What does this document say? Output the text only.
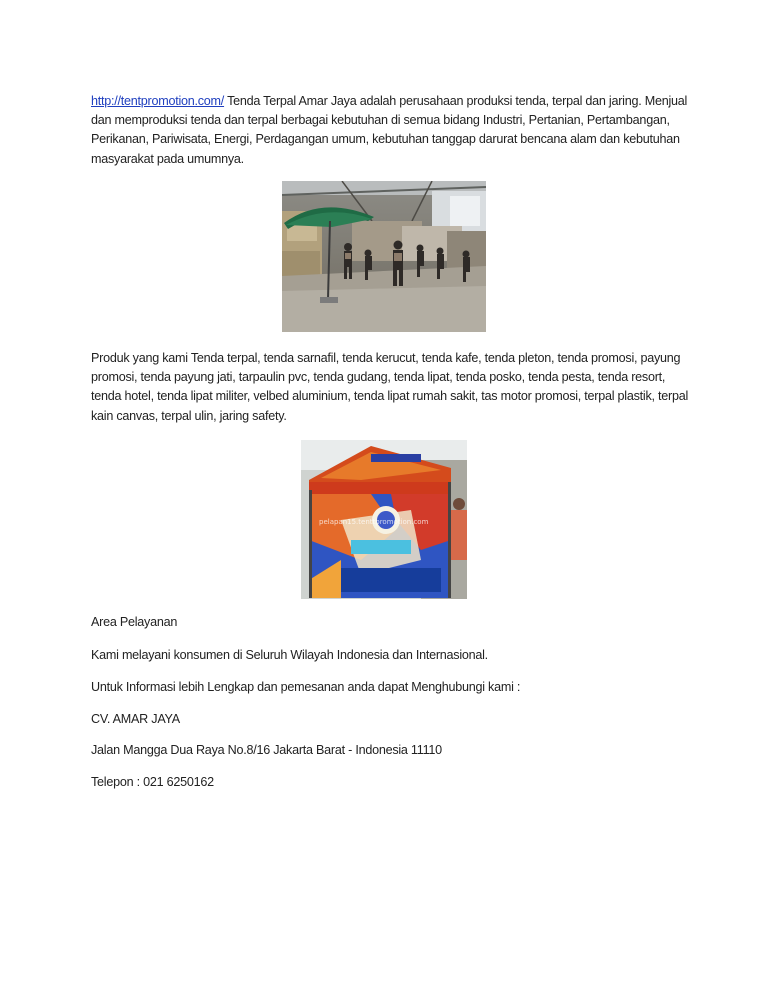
http://tentpromotion.com/ Tenda Terpal Amar Jaya adalah perusahaan produksi tenda, terpal dan jaring. Menjual dan memproduksi tenda dan terpal berbagai kebutuhan di semua bidang Industri, Pertanian, Pertambangan, Perikanan, Pariwisata, Energi, Perdagangan umum, kebutuhan tanggap darurat bencana alam dan kebutuhan masyarakat pada umumnya.

Produk yang kami Tenda terpal, tenda sarnafil, tenda kerucut, tenda kafe, tenda pleton, tenda promosi, payung promosi, tenda payung jati, tarpaulin pvc, tenda gudang, tenda lipat, tenda posko, tenda pesta, tenda resort, tenda hotel, tenda lipat militer, velbed aluminium, tenda lipat rumah sakit, tas motor promosi, terpal plastik, terpal kain canvas, terpal ulin, jaring safety.

pelapan15.tenttpromotion.com

Area Pelayanan

Kami melayani konsumen di Seluruh Wilayah Indonesia dan Internasional.

Untuk Informasi lebih Lengkap dan pemesanan anda dapat Menghubungi kami :

CV. AMAR JAYA

Jalan Mangga Dua Raya No.8/16 Jakarta Barat - Indonesia 11110

Telepon : 021 6250162
